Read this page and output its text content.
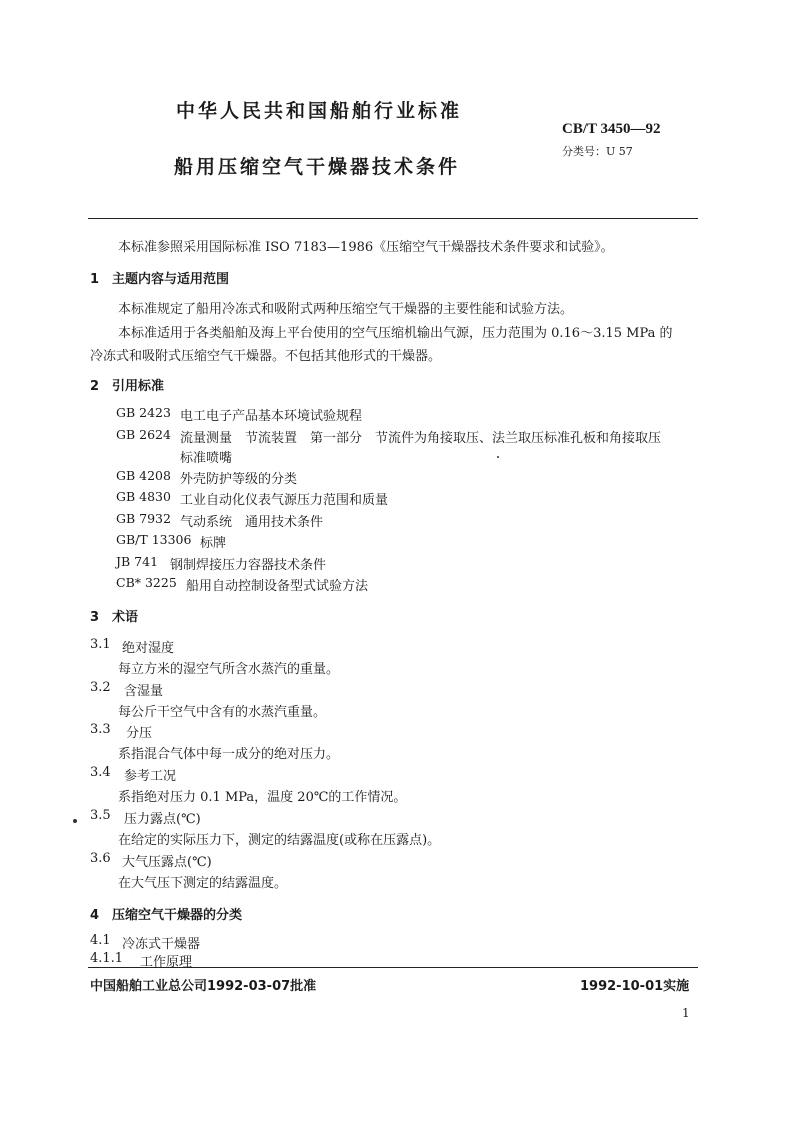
中华人民共和国船舶行业标准
CB/T 3450—92
分类号：U 57
船用压缩空气干燥器技术条件
本标准参照采用国际标准 ISO 7183—1986《压缩空气干燥器技术条件要求和试验》。
1　主题内容与适用范围
本标准规定了船用冷冻式和吸附式两种压缩空气干燥器的主要性能和试验方法。
本标准适用于各类船舶及海上平台使用的空气压缩机输出气源，压力范围为 0.16～3.15 MPa 的
冷冻式和吸附式压缩空气干燥器。不包括其他形式的干燥器。
2　引用标准
GB 2423 电工电子产品基本环境试验规程
GB 2624 流量测量　节流装置　第一部分　节流件为角接取压、法兰取压标准孔板和角接取压
标准喷嘴
GB 4208 外壳防护等级的分类
GB 4830 工业自动化仪表气源压力范围和质量
GB 7932 气动系统　通用技术条件
GB/T 13306 标牌
JB 741 钢制焊接压力容器技术条件
CB* 3225 船用自动控制设备型式试验方法
3　术语
3.1 绝对湿度
每立方米的湿空气所含水蒸汽的重量。
3.2 含湿量
每公斤干空气中含有的水蒸汽重量。
3.3 分压
系指混合气体中每一成分的绝对压力。
3.4 参考工况
系指绝对压力 0.1 MPa，温度 20℃的工作情况。
3.5 压力露点(℃)
在给定的实际压力下，测定的结露温度(或称在压露点)。
3.6 大气压露点(℃)
在大气压下测定的结露温度。
4　压缩空气干燥器的分类
4.1 冷冻式干燥器
4.1.1 工作原理
中国船舶工业总公司1992-03-07批准	1992-10-01实施
1
